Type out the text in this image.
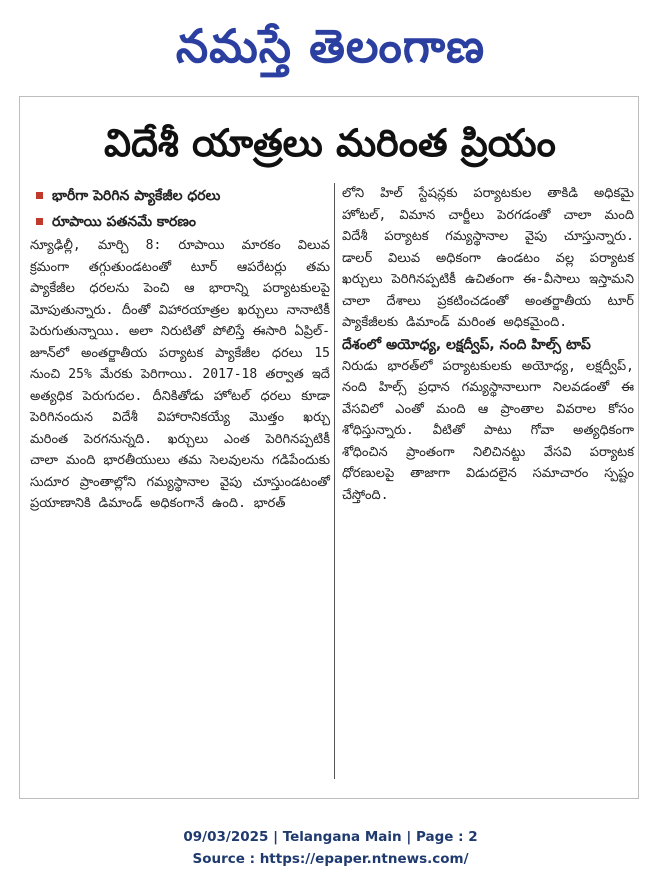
నమస్తే తెలంగాణ
విదేశీ యాత్రలు మరింత ప్రియం
భారీగా పెరిగిన ప్యాకేజీల ధరలు
రూపాయి పతనమే కారణం
న్యూఢిల్లీ, మార్చి 8: రూపాయి మారకం విలువ క్రమంగా తగ్గుతుండటంతో టూర్ ఆపరేటర్లు తమ ప్యాకేజీల ధరలను పెంచి ఆ భారాన్ని పర్యాటకులపై మోపుతున్నారు. దీంతో విహారయాత్రల ఖర్చులు నానాటికీ పెరుగుతున్నాయి. అలా నిరుటితో పోలిస్తే ఈసారి ఏప్రిల్-జూన్‌లో అంతర్జాతీయ పర్యాటక ప్యాకేజీల ధరలు 15 నుంచి 25% మేరకు పెరిగాయి. 2017-18 తర్వాత ఇదే అత్యధిక పెరుగుదల. దీనికితోడు హోటల్ ధరలు కూడా పెరిగినందున విదేశీ విహారానికయ్యే మొత్తం ఖర్చు మరింత పెరగనున్నది. ఖర్చులు ఎంత పెరిగినప్పటికీ చాలా మంది భారతీయులు తమ సెలవులను గడిపేందుకు సుదూర ప్రాంతాల్లోని గమ్యస్థానాల వైపు చూస్తుండటంతో ప్రయాణానికి డిమాండ్ అధికంగానే ఉంది. భారత్
లోని హిల్ స్టేషన్లకు పర్యాటకుల తాకిడి అధికమై హోటల్, విమాన చార్జీలు పెరగడంతో చాలా మంది విదేశీ పర్యాటక గమ్యస్థానాల వైపు చూస్తున్నారు. డాలర్ విలువ అధికంగా ఉండటం వల్ల పర్యాటక ఖర్చులు పెరిగినప్పటికీ ఉచితంగా ఈ-వీసాలు ఇస్తామని చాలా దేశాలు ప్రకటించడంతో అంతర్జాతీయ టూర్ ప్యాకేజీలకు డిమాండ్ మరింత అధికమైంది.
దేశంలో అయోధ్య, లక్షద్వీప్, నంది హిల్స్ టాప్
నిరుడు భారత్‌లో పర్యాటకులకు అయోధ్య, లక్షద్వీప్, నంది హిల్స్ ప్రధాన గమ్యస్థానాలుగా నిలవడంతో ఈ వేసవిలో ఎంతో మంది ఆ ప్రాంతాల వివరాల కోసం శోధిస్తున్నారు. వీటితో పాటు గోవా అత్యధికంగా శోధించిన ప్రాంతంగా నిలిచినట్టు వేసవి పర్యాటక ధోరణులపై తాజాగా విడుదలైన సమాచారం స్పష్టం చేస్తోంది.
09/03/2025 | Telangana Main | Page : 2
Source : https://epaper.ntnews.com/
